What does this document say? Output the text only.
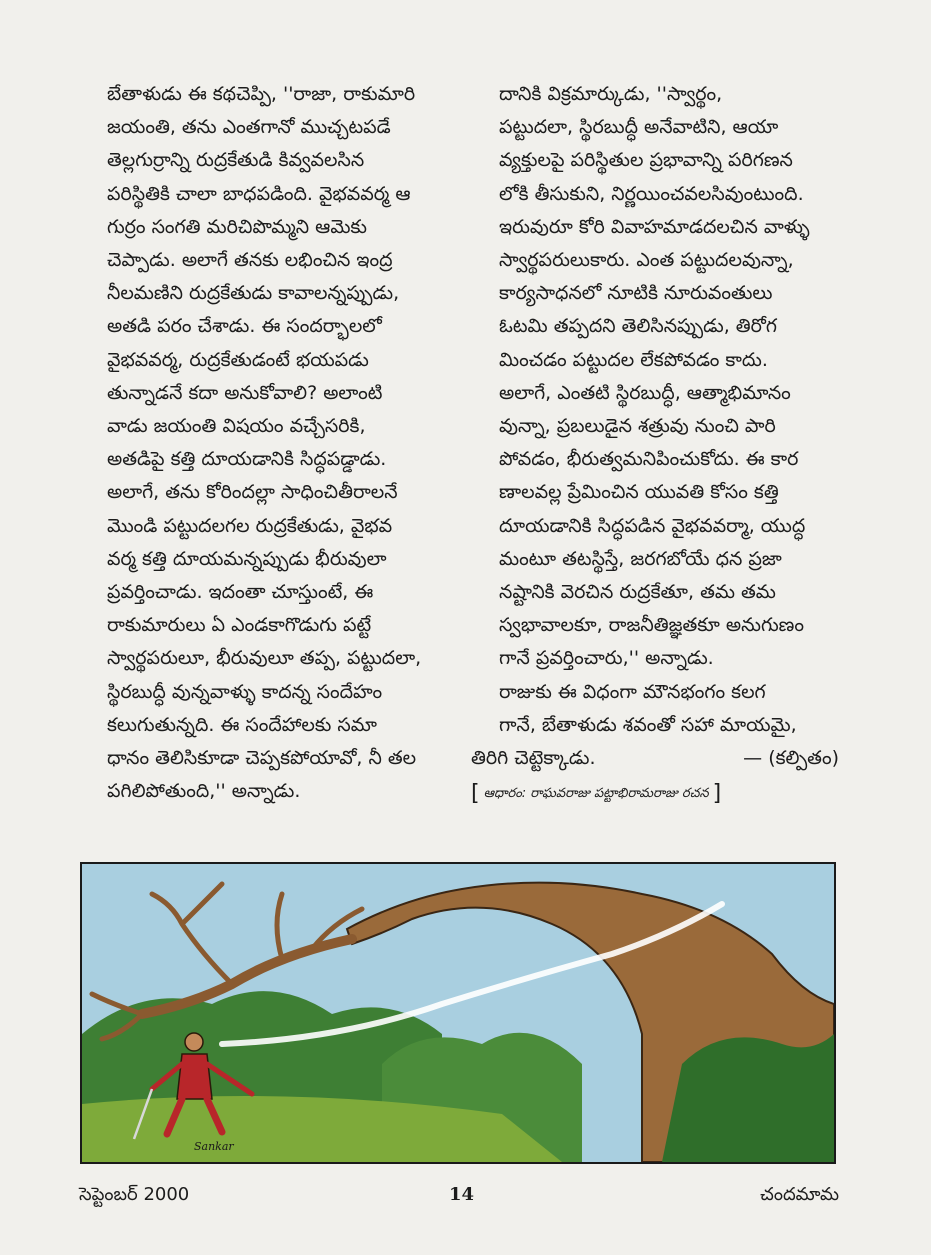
బేతాళుడు ఈ కథచెప్పి, ''రాజా, రాకుమారి
జయంతి, తను ఎంతగానో ముచ్చటపడే
తెల్లగుర్రాన్ని రుద్రకేతుడి కివ్వవలసిన
పరిస్థితికి చాలా బాధపడింది. వైభవవర్మ ఆ
గుర్రం సంగతి మరిచిపొమ్మని ఆమెకు
చెప్పాడు. అలాగే తనకు లభించిన ఇంద్ర
నీలమణిని రుద్రకేతుడు కావాలన్నప్పుడు,
అతడి పరం చేశాడు. ఈ సందర్భాలలో
వైభవవర్మ, రుద్రకేతుడంటే భయపడు
తున్నాడనే కదా అనుకోవాలి? అలాంటి
వాడు జయంతి విషయం వచ్చేసరికి,
అతడిపై కత్తి దూయడానికి సిద్ధపడ్డాడు.
అలాగే, తను కోరిందల్లా సాధించితీరాలనే
మొండి పట్టుదలగల రుద్రకేతుడు, వైభవ
వర్మ కత్తి దూయమన్నప్పుడు భీరువులా
ప్రవర్తించాడు. ఇదంతా చూస్తుంటే, ఈ
రాకుమారులు ఏ ఎండకాగొడుగు పట్టే
స్వార్థపరులూ, భీరువులూ తప్ప, పట్టుదలా,
స్థిరబుద్ధీ వున్నవాళ్ళు కాదన్న సందేహం
కలుగుతున్నది. ఈ సందేహాలకు సమా
ధానం తెలిసికూడా చెప్పకపోయావో, నీ తల
పగిలిపోతుంది,'' అన్నాడు.

దానికి విక్రమార్కుడు, ''స్వార్థం,
పట్టుదలా, స్థిరబుద్ధీ అనేవాటిని, ఆయా
వ్యక్తులపై పరిస్థితుల ప్రభావాన్ని పరిగణన
లోకి తీసుకుని, నిర్ణయించవలసివుంటుంది.
ఇరువురూ కోరి వివాహమాడదలచిన వాళ్ళు
స్వార్థపరులుకారు. ఎంత పట్టుదలవున్నా,
కార్యసాధనలో నూటికి నూరువంతులు
ఓటమి తప్పదని తెలిసినప్పుడు, తిరోగ
మించడం పట్టుదల లేకపోవడం కాదు.
అలాగే, ఎంతటి స్థిరబుద్ధీ, ఆత్మాభిమానం
వున్నా, ప్రబలుడైన శత్రువు నుంచి పారి
పోవడం, భీరుత్వమనిపించుకోదు. ఈ కార
ణాలవల్ల ప్రేమించిన యువతి కోసం కత్తి
దూయడానికి సిద్ధపడిన వైభవవర్మా, యుద్ధ
మంటూ తటస్థిస్తే, జరగబోయే ధన ప్రజా
నష్టానికి వెరచిన రుద్రకేతూ, తమ తమ
స్వభావాలకూ, రాజనీతిజ్ఞతకూ అనుగుణం
గానే ప్రవర్తించారు,'' అన్నాడు.

రాజుకు ఈ విధంగా మౌనభంగం కలగ
గానే, బేతాళుడు శవంతో సహా మాయమై,

తిరిగి చెట్టెక్కాడు.	— (కల్పితం)
[ ఆధారం: రాఘవరాజు పట్టాభిరామరాజు రచన ]
Sankar
సెప్టెంబర్ 2000	14	చందమామ
